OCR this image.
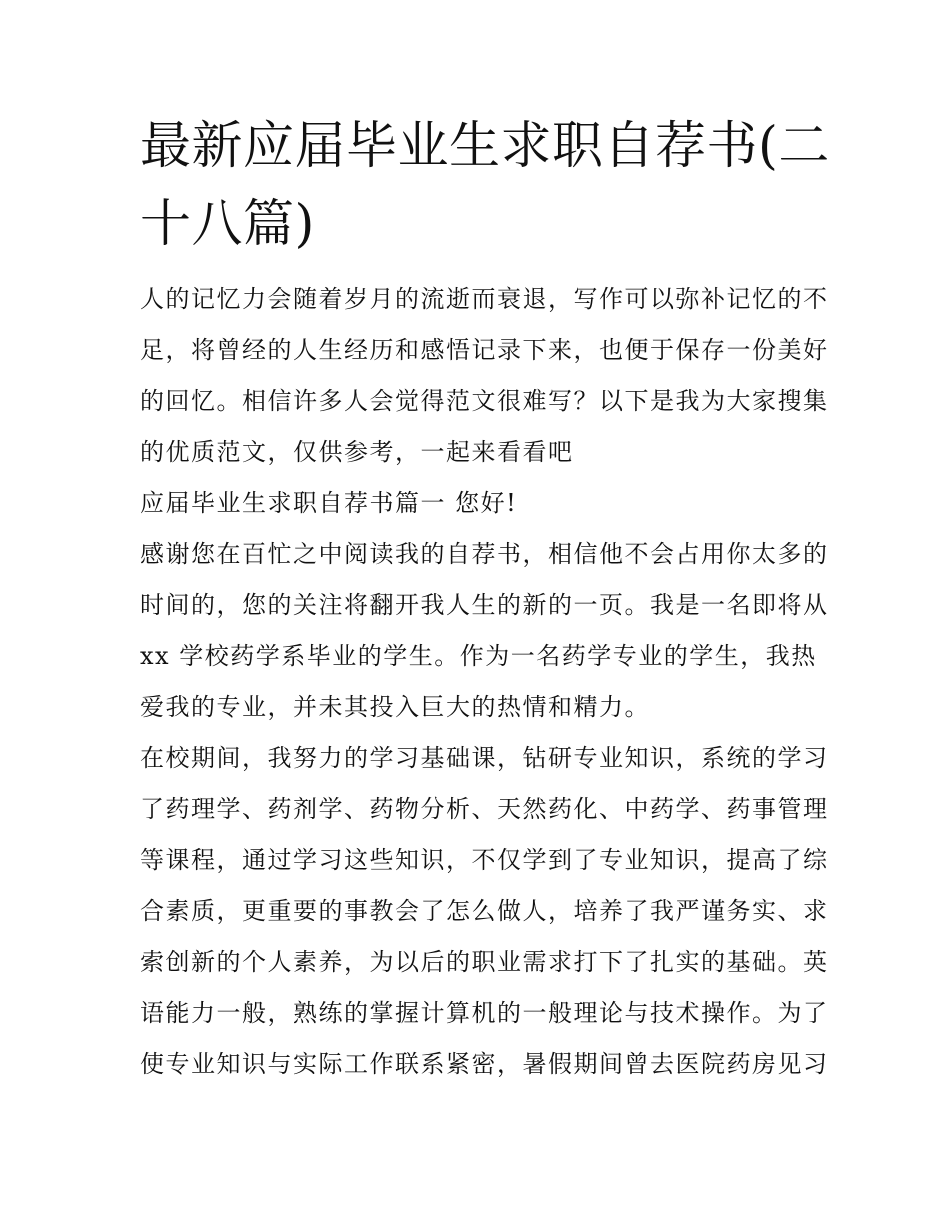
最新应届毕业生求职自荐书(二
十八篇)

人的记忆力会随着岁月的流逝而衰退，写作可以弥补记忆的不
足，将曾经的人生经历和感悟记录下来，也便于保存一份美好
的回忆。相信许多人会觉得范文很难写？以下是我为大家搜集
的优质范文，仅供参考，一起来看看吧

应届毕业生求职自荐书篇一 您好!

感谢您在百忙之中阅读我的自荐书，相信他不会占用你太多的
时间的，您的关注将翻开我人生的新的一页。我是一名即将从
xx 学校药学系毕业的学生。作为一名药学专业的学生，我热
爱我的专业，并未其投入巨大的热情和精力。

在校期间，我努力的学习基础课，钻研专业知识，系统的学习
了药理学、药剂学、药物分析、天然药化、中药学、药事管理
等课程，通过学习这些知识，不仅学到了专业知识，提高了综
合素质，更重要的事教会了怎么做人，培养了我严谨务实、求
索创新的个人素养，为以后的职业需求打下了扎实的基础。英
语能力一般，熟练的掌握计算机的一般理论与技术操作。为了
使专业知识与实际工作联系紧密，暑假期间曾去医院药房见习
